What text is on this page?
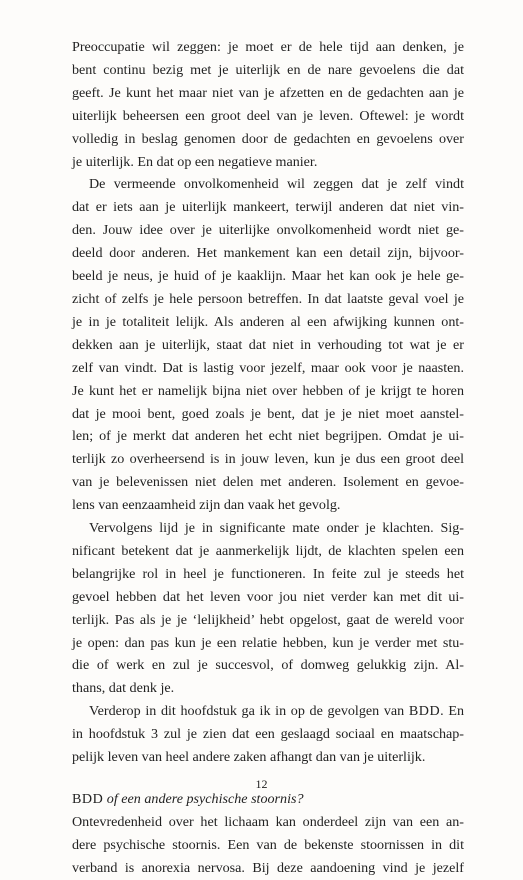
Preoccupatie wil zeggen: je moet er de hele tijd aan denken, je
bent continu bezig met je uiterlijk en de nare gevoelens die dat
geeft. Je kunt het maar niet van je afzetten en de gedachten aan je
uiterlijk beheersen een groot deel van je leven. Oftewel: je wordt
volledig in beslag genomen door de gedachten en gevoelens over
je uiterlijk. En dat op een negatieve manier.
De vermeende onvolkomenheid wil zeggen dat je zelf vindt
dat er iets aan je uiterlijk mankeert, terwijl anderen dat niet vin-
den. Jouw idee over je uiterlijke onvolkomenheid wordt niet ge-
deeld door anderen. Het mankement kan een detail zijn, bijvoor-
beeld je neus, je huid of je kaaklijn. Maar het kan ook je hele ge-
zicht of zelfs je hele persoon betreffen. In dat laatste geval voel je
je in je totaliteit lelijk. Als anderen al een afwijking kunnen ont-
dekken aan je uiterlijk, staat dat niet in verhouding tot wat je er
zelf van vindt. Dat is lastig voor jezelf, maar ook voor je naasten.
Je kunt het er namelijk bijna niet over hebben of je krijgt te horen
dat je mooi bent, goed zoals je bent, dat je je niet moet aanstel-
len; of je merkt dat anderen het echt niet begrijpen. Omdat je ui-
terlijk zo overheersend is in jouw leven, kun je dus een groot deel
van je belevenissen niet delen met anderen. Isolement en gevoe-
lens van eenzaamheid zijn dan vaak het gevolg.
Vervolgens lijd je in significante mate onder je klachten. Sig-
nificant betekent dat je aanmerkelijk lijdt, de klachten spelen een
belangrijke rol in heel je functioneren. In feite zul je steeds het
gevoel hebben dat het leven voor jou niet verder kan met dit ui-
terlijk. Pas als je je ‘lelijkheid’ hebt opgelost, gaat de wereld voor
je open: dan pas kun je een relatie hebben, kun je verder met stu-
die of werk en zul je succesvol, of domweg gelukkig zijn. Al-
thans, dat denk je.
Verderop in dit hoofdstuk ga ik in op de gevolgen van BDD. En
in hoofdstuk 3 zul je zien dat een geslaagd sociaal en maatschap-
pelijk leven van heel andere zaken afhangt dan van je uiterlijk.
BDD of een andere psychische stoornis?
Ontevredenheid over het lichaam kan onderdeel zijn van een an-
dere psychische stoornis. Een van de bekenste stoornissen in dit
verband is anorexia nervosa. Bij deze aandoening vind je jezelf
12
